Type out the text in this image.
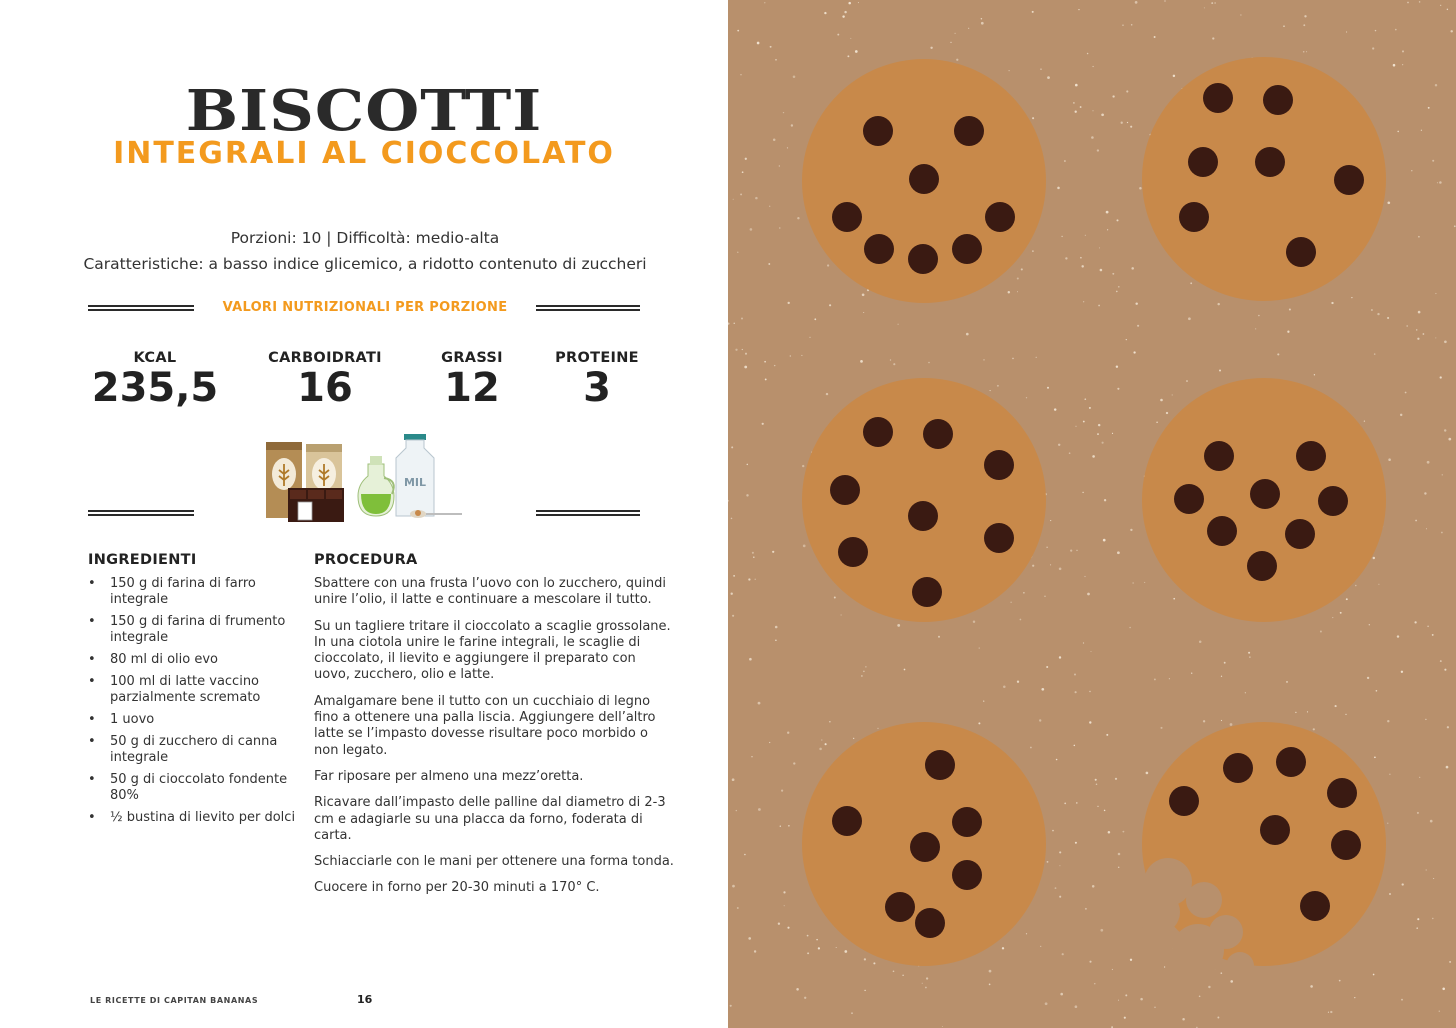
BISCOTTI
INTEGRALI AL CIOCCOLATO
Porzioni: 10 | Difficoltà: medio-alta
Caratteristiche: a basso indice glicemico, a ridotto contenuto di zuccheri
VALORI NUTRIZIONALI PER PORZIONE
KCAL
235,5
CARBOIDRATI
16
GRASSI
12
PROTEINE
3
MIL
INGREDIENTI	PROCEDURA
• 150 g di farina di farro integrale
• 150 g di farina di frumento integrale
• 80 ml di olio evo
• 100 ml di latte vaccino parzialmente scremato
• 1 uovo
• 50 g di zucchero di canna integrale
• 50 g di cioccolato fondente 80%
• ½ bustina di lievito per dolci

Sbattere con una frusta l’uovo con lo zucchero, quindi unire l’olio, il latte e continuare a mescolare il tutto.

Su un tagliere tritare il cioccolato a scaglie grossolane. In una ciotola unire le farine integrali, le scaglie di cioccolato, il lievito e aggiungere il preparato con uovo, zucchero, olio e latte.

Amalgamare bene il tutto con un cucchiaio di legno fino a ottenere una palla liscia. Aggiungere dell’altro latte se l’impasto dovesse risultare poco morbido o non legato.

Far riposare per almeno una mezz’oretta.

Ricavare dall’impasto delle palline dal diametro di 2-3 cm e adagiarle su una placca da forno, foderata di carta.

Schiacciarle con le mani per ottenere una forma tonda.

Cuocere in forno per 20-30 minuti a 170° C.

LE RICETTE DI CAPITAN BANANAS	16
